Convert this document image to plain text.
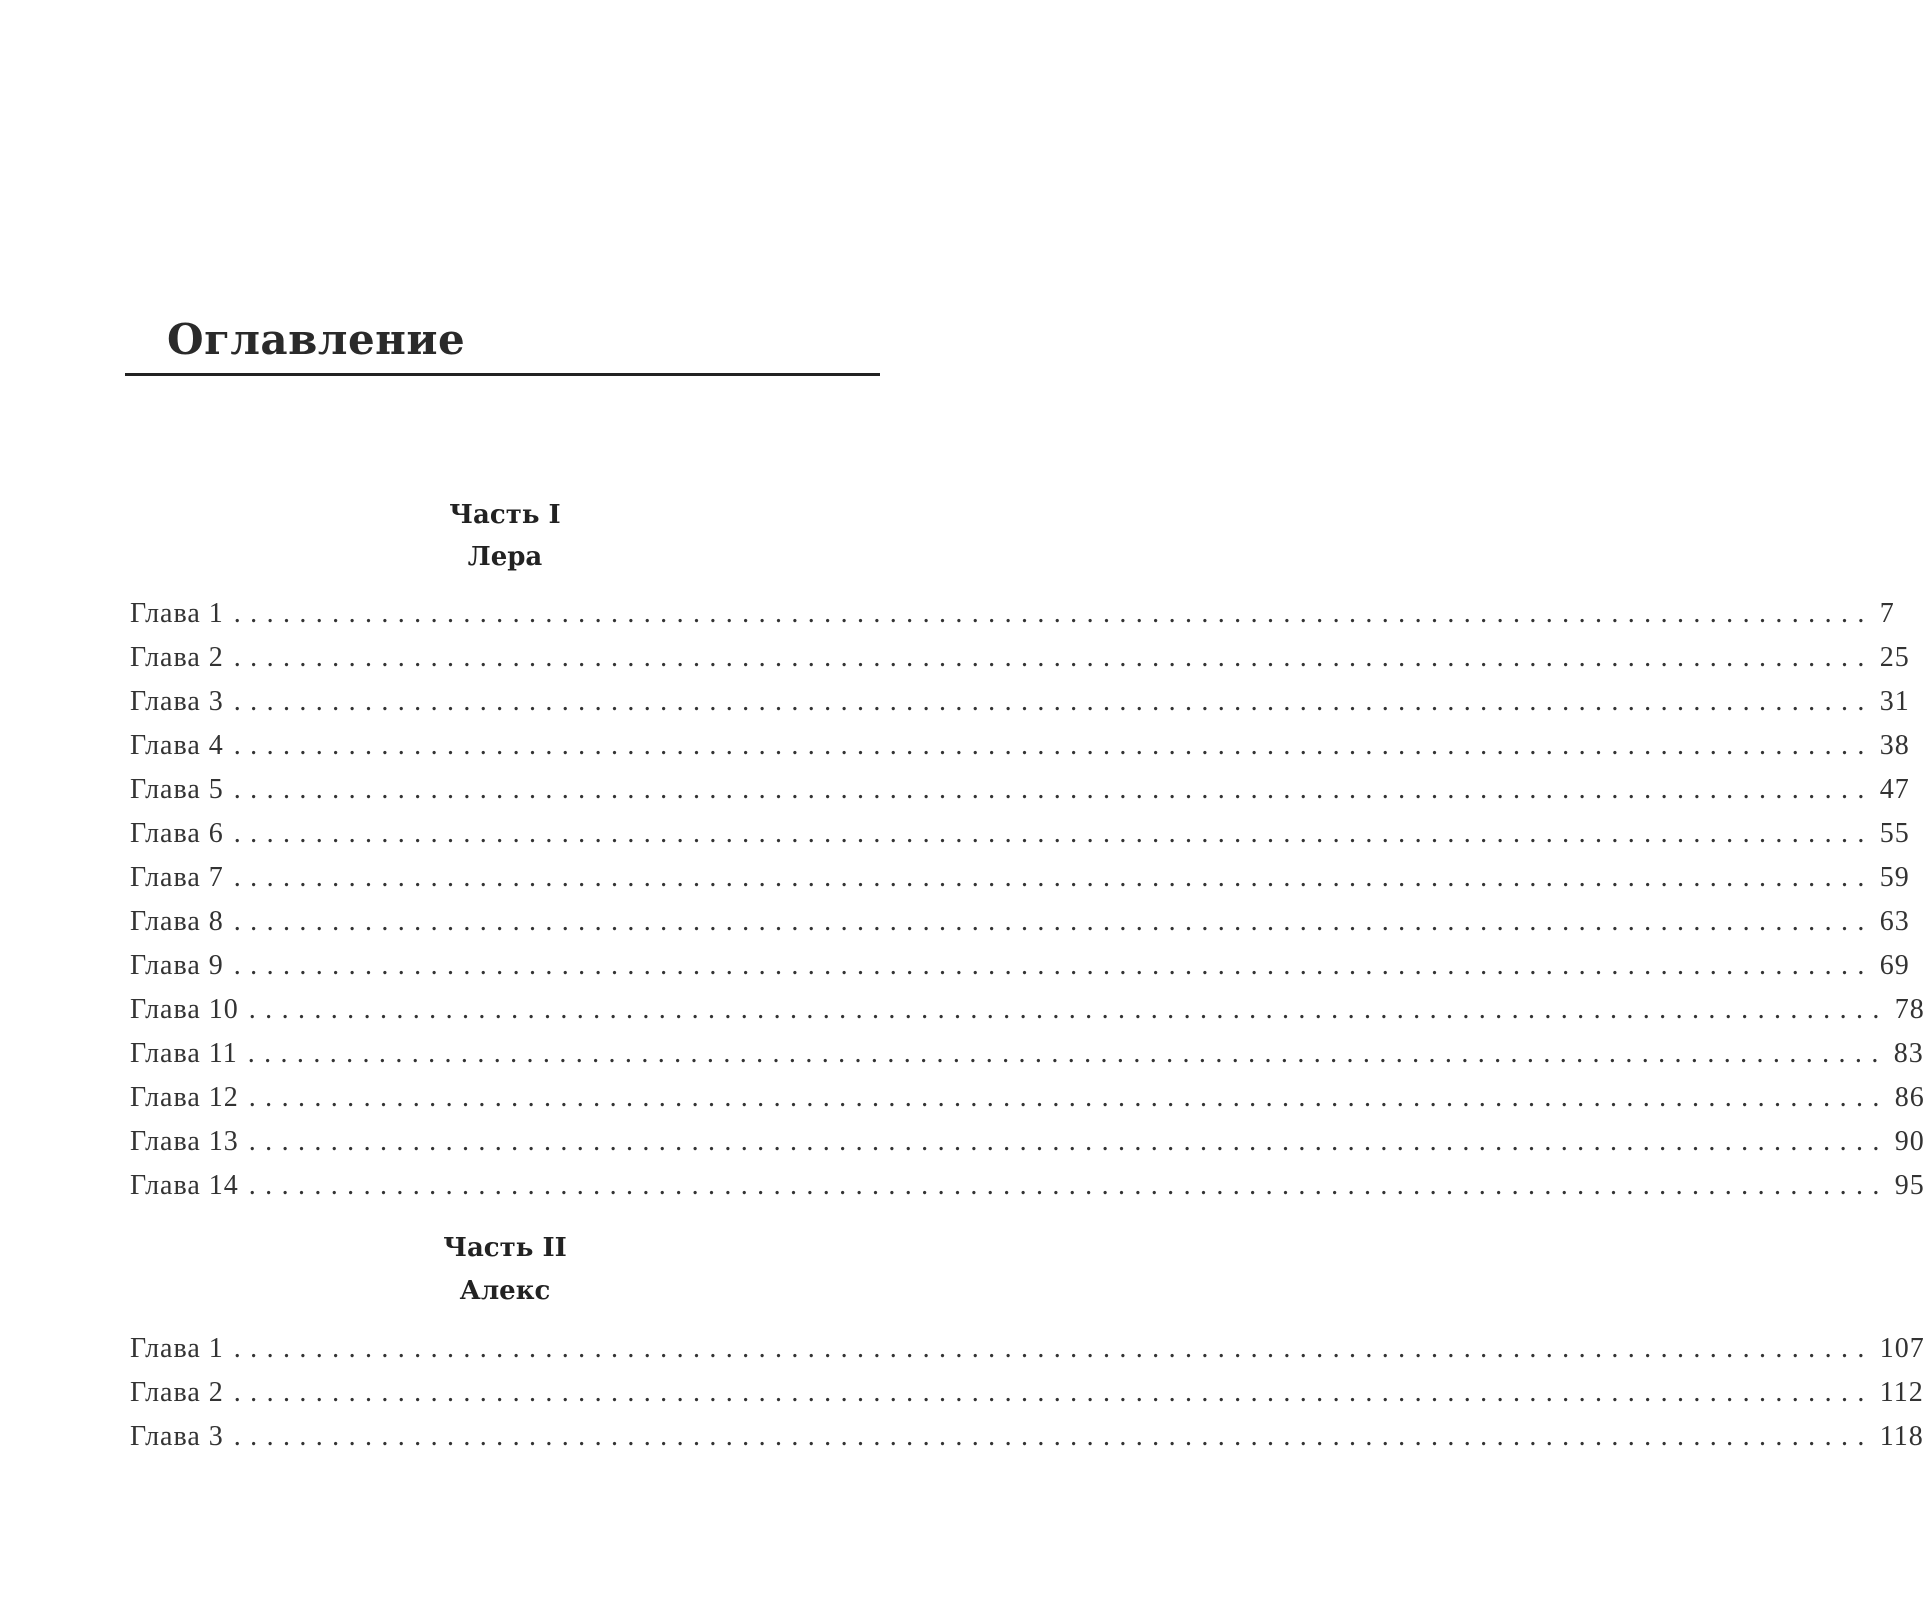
Оглавление
Часть I
Лера
Глава 1 .................................................................................................... 7
Глава 2 .................................................................................................... 25
Глава 3 .................................................................................................... 31
Глава 4 .................................................................................................... 38
Глава 5 .................................................................................................... 47
Глава 6 .................................................................................................... 55
Глава 7 .................................................................................................... 59
Глава 8 .................................................................................................... 63
Глава 9 .................................................................................................... 69
Глава 10 .................................................................................................... 78
Глава 11 .................................................................................................... 83
Глава 12 .................................................................................................... 86
Глава 13 .................................................................................................... 90
Глава 14 .................................................................................................... 95
Часть II
Алекс
Глава 1 .................................................................................................... 107
Глава 2 .................................................................................................... 112
Глава 3 .................................................................................................... 118
